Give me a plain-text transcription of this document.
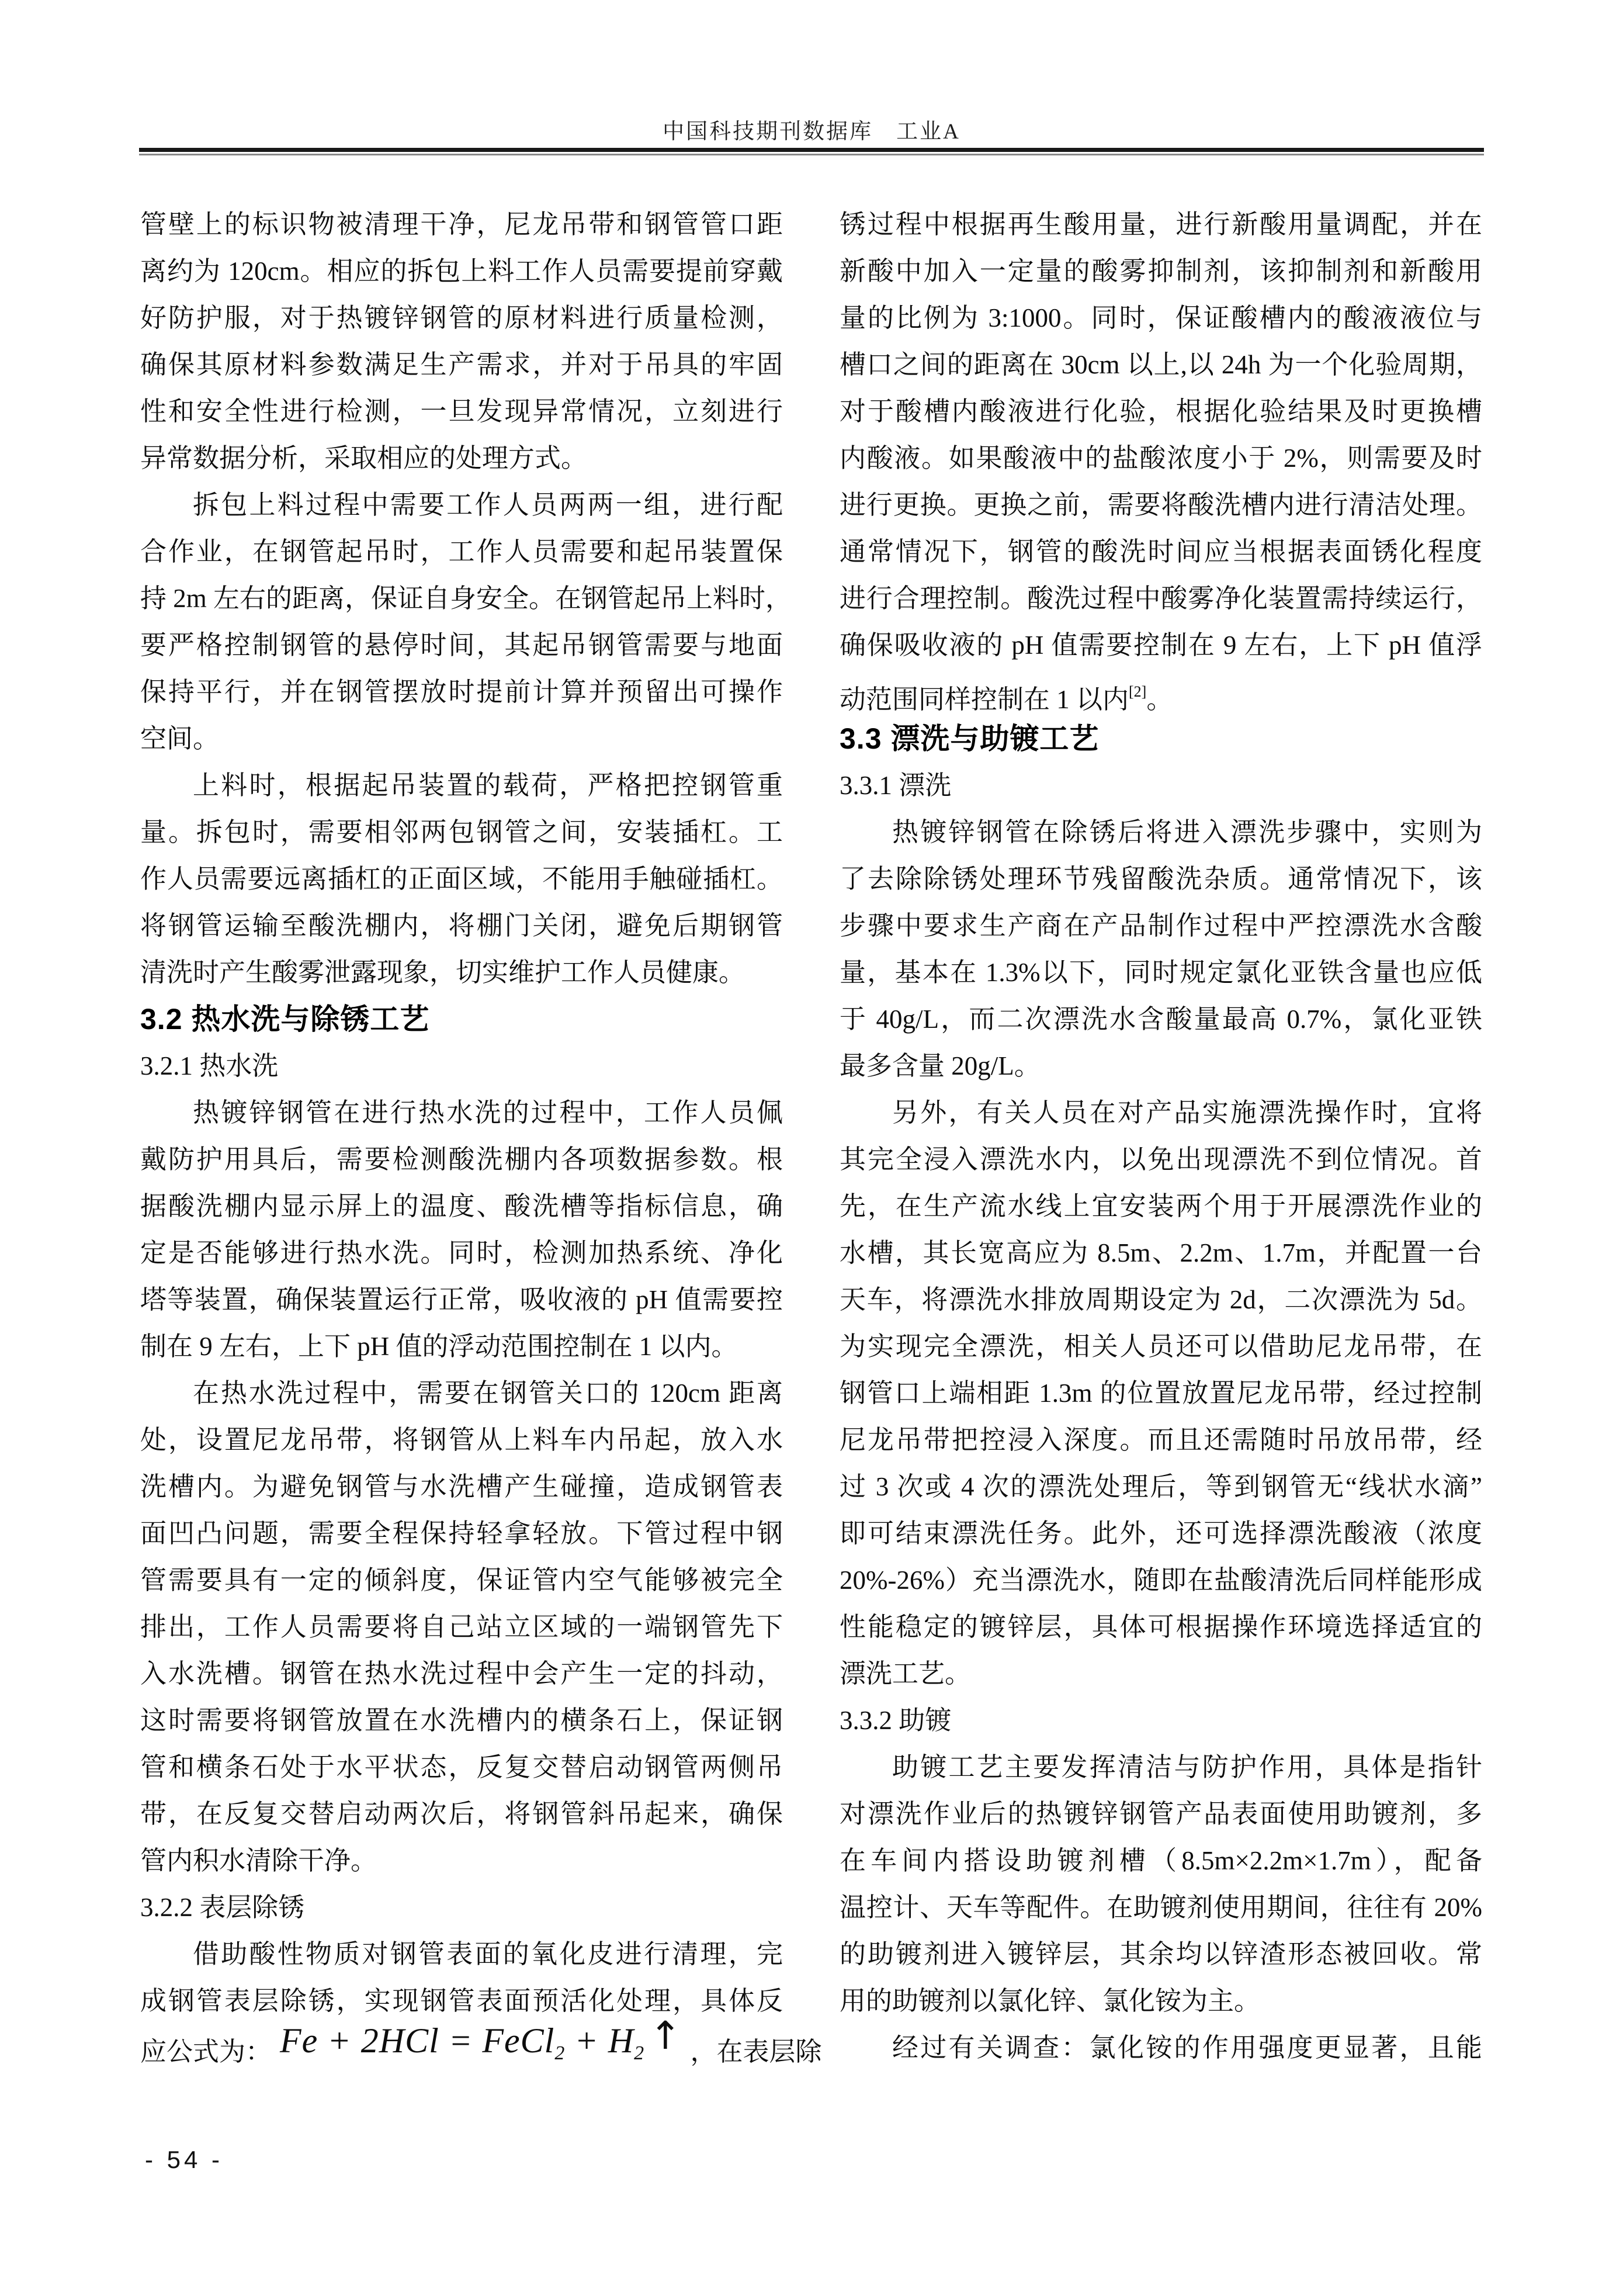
中国科技期刊数据库　工业A
管壁上的标识物被清理干净，尼龙吊带和钢管管口距
离约为 120cm。相应的拆包上料工作人员需要提前穿戴
好防护服，对于热镀锌钢管的原材料进行质量检测，
确保其原材料参数满足生产需求，并对于吊具的牢固
性和安全性进行检测，一旦发现异常情况，立刻进行
异常数据分析，采取相应的处理方式。
拆包上料过程中需要工作人员两两一组，进行配
合作业，在钢管起吊时，工作人员需要和起吊装置保
持 2m 左右的距离，保证自身安全。在钢管起吊上料时，
要严格控制钢管的悬停时间，其起吊钢管需要与地面
保持平行，并在钢管摆放时提前计算并预留出可操作
空间。
上料时，根据起吊装置的载荷，严格把控钢管重
量。拆包时，需要相邻两包钢管之间，安装插杠。工
作人员需要远离插杠的正面区域，不能用手触碰插杠。
将钢管运输至酸洗棚内，将棚门关闭，避免后期钢管
清洗时产生酸雾泄露现象，切实维护工作人员健康。
3.2 热水洗与除锈工艺
3.2.1 热水洗
热镀锌钢管在进行热水洗的过程中，工作人员佩
戴防护用具后，需要检测酸洗棚内各项数据参数。根
据酸洗棚内显示屏上的温度、酸洗槽等指标信息，确
定是否能够进行热水洗。同时，检测加热系统、净化
塔等装置，确保装置运行正常，吸收液的 pH 值需要控
制在 9 左右，上下 pH 值的浮动范围控制在 1 以内。
在热水洗过程中，需要在钢管关口的 120cm 距离
处，设置尼龙吊带，将钢管从上料车内吊起，放入水
洗槽内。为避免钢管与水洗槽产生碰撞，造成钢管表
面凹凸问题，需要全程保持轻拿轻放。下管过程中钢
管需要具有一定的倾斜度，保证管内空气能够被完全
排出，工作人员需要将自己站立区域的一端钢管先下
入水洗槽。钢管在热水洗过程中会产生一定的抖动，
这时需要将钢管放置在水洗槽内的横条石上，保证钢
管和横条石处于水平状态，反复交替启动钢管两侧吊
带，在反复交替启动两次后，将钢管斜吊起来，确保
管内积水清除干净。
3.2.2 表层除锈
借助酸性物质对钢管表面的氧化皮进行清理，完
成钢管表层除锈，实现钢管表面预活化处理，具体反
应公式为： Fe + 2HCl = FeCl$_2$ + $H_2$ ↑ ，在表层除
锈过程中根据再生酸用量，进行新酸用量调配，并在
新酸中加入一定量的酸雾抑制剂，该抑制剂和新酸用
量的比例为 3:1000。同时，保证酸槽内的酸液液位与
槽口之间的距离在 30cm 以上,以 24h 为一个化验周期，
对于酸槽内酸液进行化验，根据化验结果及时更换槽
内酸液。如果酸液中的盐酸浓度小于 2%，则需要及时
进行更换。更换之前，需要将酸洗槽内进行清洁处理。
通常情况下，钢管的酸洗时间应当根据表面锈化程度
进行合理控制。酸洗过程中酸雾净化装置需持续运行，
确保吸收液的 pH 值需要控制在 9 左右，上下 pH 值浮
动范围同样控制在 1 以内[2]。
3.3 漂洗与助镀工艺
3.3.1 漂洗
热镀锌钢管在除锈后将进入漂洗步骤中，实则为
了去除除锈处理环节残留酸洗杂质。通常情况下，该
步骤中要求生产商在产品制作过程中严控漂洗水含酸
量，基本在 1.3%以下，同时规定氯化亚铁含量也应低
于 40g/L，而二次漂洗水含酸量最高 0.7%，氯化亚铁
最多含量 20g/L。
另外，有关人员在对产品实施漂洗操作时，宜将
其完全浸入漂洗水内，以免出现漂洗不到位情况。首
先，在生产流水线上宜安装两个用于开展漂洗作业的
水槽，其长宽高应为 8.5m、2.2m、1.7m，并配置一台
天车，将漂洗水排放周期设定为 2d，二次漂洗为 5d。
为实现完全漂洗，相关人员还可以借助尼龙吊带，在
钢管口上端相距 1.3m 的位置放置尼龙吊带，经过控制
尼龙吊带把控浸入深度。而且还需随时吊放吊带，经
过 3 次或 4 次的漂洗处理后，等到钢管无“线状水滴”
即可结束漂洗任务。此外，还可选择漂洗酸液（浓度
20%-26%）充当漂洗水，随即在盐酸清洗后同样能形成
性能稳定的镀锌层，具体可根据操作环境选择适宜的
漂洗工艺。
3.3.2 助镀
助镀工艺主要发挥清洁与防护作用，具体是指针
对漂洗作业后的热镀锌钢管产品表面使用助镀剂，多
在车间内搭设助镀剂槽（8.5m×2.2m×1.7m），配备
温控计、天车等配件。在助镀剂使用期间，往往有 20%
的助镀剂进入镀锌层，其余均以锌渣形态被回收。常
用的助镀剂以氯化锌、氯化铵为主。
经过有关调查：氯化铵的作用强度更显著，且能
- 54 -
